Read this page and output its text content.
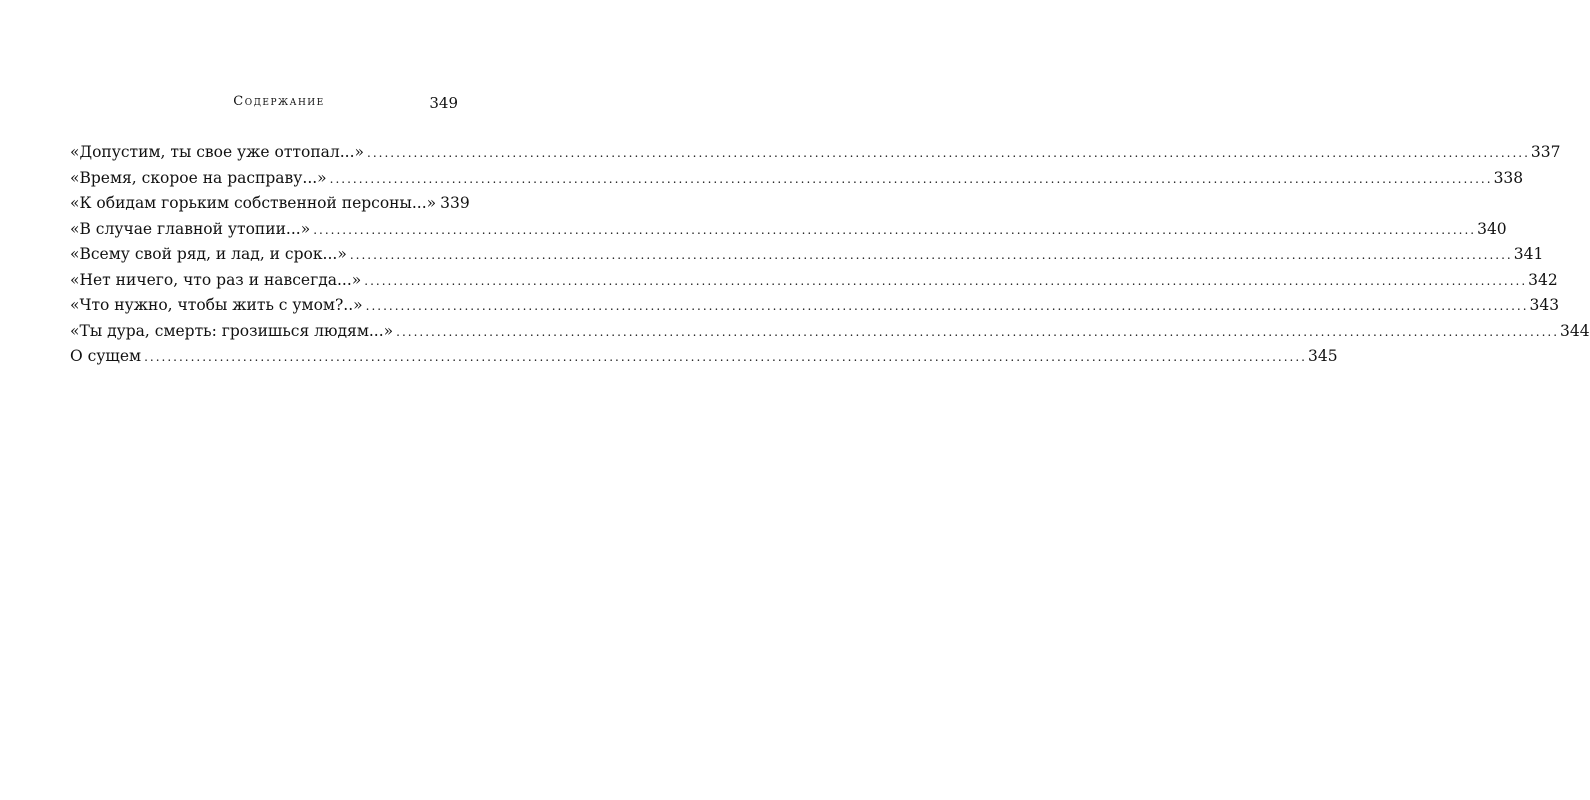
Содержание	349
«Допустим, ты свое уже оттопал...» ........................................................................................................................................................................................................ 337
«Время, скорое на расправу...» ........................................................................................................................................................................................................ 338
«К обидам горьким собственной персоны...» 339
«В случае главной утопии...» ........................................................................................................................................................................................................ 340
«Всему свой ряд, и лад, и срок...» ........................................................................................................................................................................................................ 341
«Нет ничего, что раз и навсегда...» ........................................................................................................................................................................................................ 342
«Что нужно, чтобы жить с умом?..» ........................................................................................................................................................................................................ 343
«Ты дура, смерть: грозишься людям...» ........................................................................................................................................................................................................ 344
О сущем ........................................................................................................................................................................................................ 345
